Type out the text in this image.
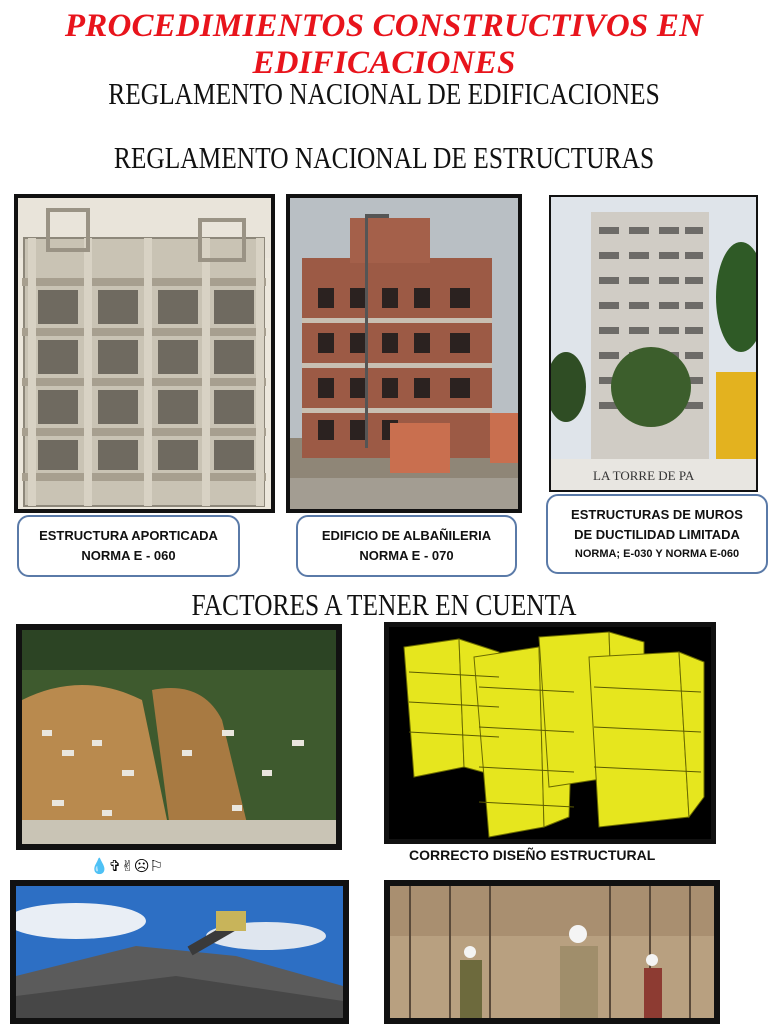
PROCEDIMIENTOS CONSTRUCTIVOS EN EDIFICACIONES
REGLAMENTO NACIONAL DE EDIFICACIONES
REGLAMENTO NACIONAL DE ESTRUCTURAS
LA TORRE DE PA
ESTRUCTURA APORTICADA
NORMA E - 060
EDIFICIO DE ALBAÑILERIA
NORMA E - 070
ESTRUCTURAS DE MUROS
DE DUCTILIDAD LIMITADA
NORMA; E-030 Y NORMA E-060
FACTORES A TENER EN CUENTA
💧✞✌☹⚐
CORRECTO DISEÑO ESTRUCTURAL
